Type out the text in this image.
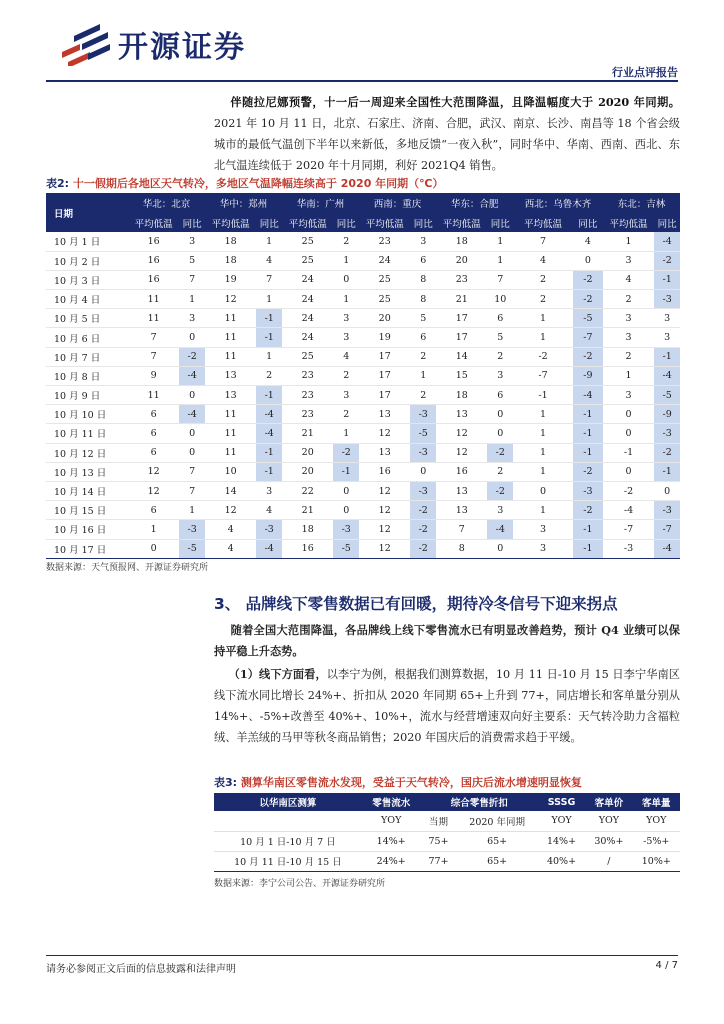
开源证券
行业点评报告

伴随拉尼娜预警，十一后一周迎来全国性大范围降温，且降温幅度大于 2020 年同期。2021 年 10 月 11 日，北京、石家庄、济南、合肥，武汉、南京、长沙、南昌等 18 个省会级城市的最低气温创下半年以来新低，多地反馈“一夜入秋”，同时华中、华南、西南、西北、东北气温连续低于 2020 年十月同期，利好 2021Q4 销售。

表2: 十一假期后各地区天气转冷，多地区气温降幅连续高于 2020 年同期（℃）
日期	华北：北京		华中：郑州		华南：广州		西南：重庆		华东：合肥		西北：乌鲁木齐		东北：吉林	
	平均低温	同比	平均低温	同比	平均低温	同比	平均低温	同比	平均低温	同比	平均低温	同比	平均低温	同比
10 月 1 日	16	3	18	1	25	2	23	3	18	1	7	4	1	-4
10 月 2 日	16	5	18	4	25	1	24	6	20	1	4	0	3	-2
10 月 3 日	16	7	19	7	24	0	25	8	23	7	2	-2	4	-1
10 月 4 日	11	1	12	1	24	1	25	8	21	10	2	-2	2	-3
10 月 5 日	11	3	11	-1	24	3	20	5	17	6	1	-5	3	3
10 月 6 日	7	0	11	-1	24	3	19	6	17	5	1	-7	3	3
10 月 7 日	7	-2	11	1	25	4	17	2	14	2	-2	-2	2	-1
10 月 8 日	9	-4	13	2	23	2	17	1	15	3	-7	-9	1	-4
10 月 9 日	11	0	13	-1	23	3	17	2	18	6	-1	-4	3	-5
10 月 10 日	6	-4	11	-4	23	2	13	-3	13	0	1	-1	0	-9
10 月 11 日	6	0	11	-4	21	1	12	-5	12	0	1	-1	0	-3
10 月 12 日	6	0	11	-1	20	-2	13	-3	12	-2	1	-1	-1	-2
10 月 13 日	12	7	10	-1	20	-1	16	0	16	2	1	-2	0	-1
10 月 14 日	12	7	14	3	22	0	12	-3	13	-2	0	-3	-2	0
10 月 15 日	6	1	12	4	21	0	12	-2	13	3	1	-2	-4	-3
10 月 16 日	1	-3	4	-3	18	-3	12	-2	7	-4	3	-1	-7	-7
10 月 17 日	0	-5	4	-4	16	-5	12	-2	8	0	3	-1	-3	-4
数据来源：天气预报网、开源证券研究所
3、 品牌线下零售数据已有回暖，期待冷冬信号下迎来拐点

随着全国大范围降温，各品牌线上线下零售流水已有明显改善趋势，预计 Q4 业绩可以保持平稳上升态势。

（1）线下方面看，以李宁为例，根据我们测算数据，10 月 11 日-10 月 15 日李宁华南区线下流水同比增长 24%+、折扣从 2020 年同期 65+上升到 77+，同店增长和客单量分别从 14%+、-5%+改善至 40%+、10%+，流水与经营增速双向好主要系：天气转冷助力含福粒绒、羊羔绒的马甲等秋冬商品销售；2020 年国庆后的消费需求趋于平缓。

表3: 测算华南区零售流水发现，受益于天气转冷，国庆后流水增速明显恢复
以华南区测算	零售流水	综合零售折扣		SSSG	客单价	客单量
	YOY	当期	2020 年同期	YOY	YOY	YOY
10 月 1 日-10 月 7 日	14%+	75+	65+	14%+	30%+	-5%+
10 月 11 日-10 月 15 日	24%+	77+	65+	40%+	/	10%+
数据来源：李宁公司公告、开源证券研究所
请务必参阅正文后面的信息披露和法律声明	4 / 7
